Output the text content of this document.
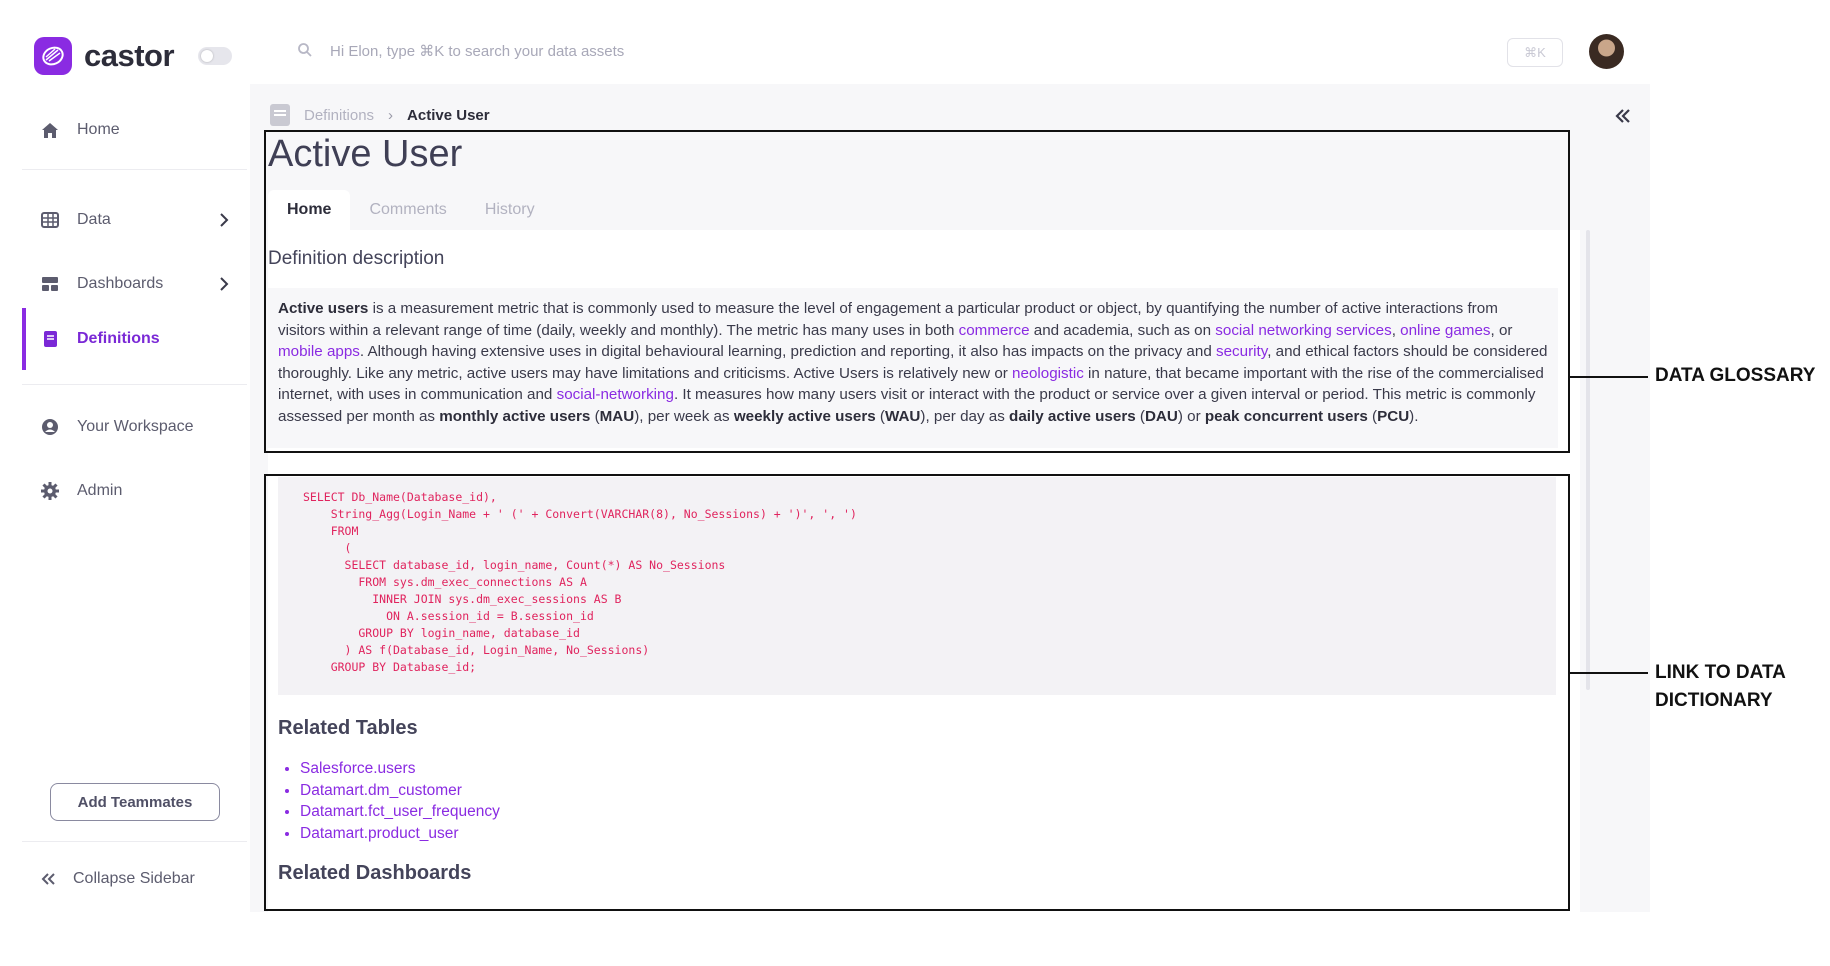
castor
Home
Data
Dashboards
Definitions
Your Workspace
Admin
Add Teammates
Collapse Sidebar
Hi Elon, type ⌘K to search your data assets	⌘K
Definitions › Active User
Active User
Home	Comments	History
Definition description
Active users is a measurement metric that is commonly used to measure the level of engagement a particular product or object, by quantifying the number of active interactions from visitors within a relevant range of time (daily, weekly and monthly). The metric has many uses in both commerce and academia, such as on social networking services, online games, or mobile apps. Although having extensive uses in digital behavioural learning, prediction and reporting, it also has impacts on the privacy and security, and ethical factors should be considered thoroughly. Like any metric, active users may have limitations and criticisms. Active Users is relatively new or neologistic in nature, that became important with the rise of the commercialised internet, with uses in communication and social-networking. It measures how many users visit or interact with the product or service over a given interval or period. This metric is commonly assessed per month as monthly active users (MAU), per week as weekly active users (WAU), per day as daily active users (DAU) or peak concurrent users (PCU).
SELECT Db_Name(Database_id),
String_Agg(Login_Name + ' (' + Convert(VARCHAR(8), No_Sessions) + ')', ', ')
FROM
(
SELECT database_id, login_name, Count(*) AS No_Sessions
FROM sys.dm_exec_connections AS A
INNER JOIN sys.dm_exec_sessions AS B
ON A.session_id = B.session_id
GROUP BY login_name, database_id
) AS f(Database_id, Login_Name, No_Sessions)
GROUP BY Database_id;
Related Tables
• Salesforce.users
• Datamart.dm_customer
• Datamart.fct_user_frequency
• Datamart.product_user
Related Dashboards
DATA GLOSSARY
LINK TO DATA
DICTIONARY
